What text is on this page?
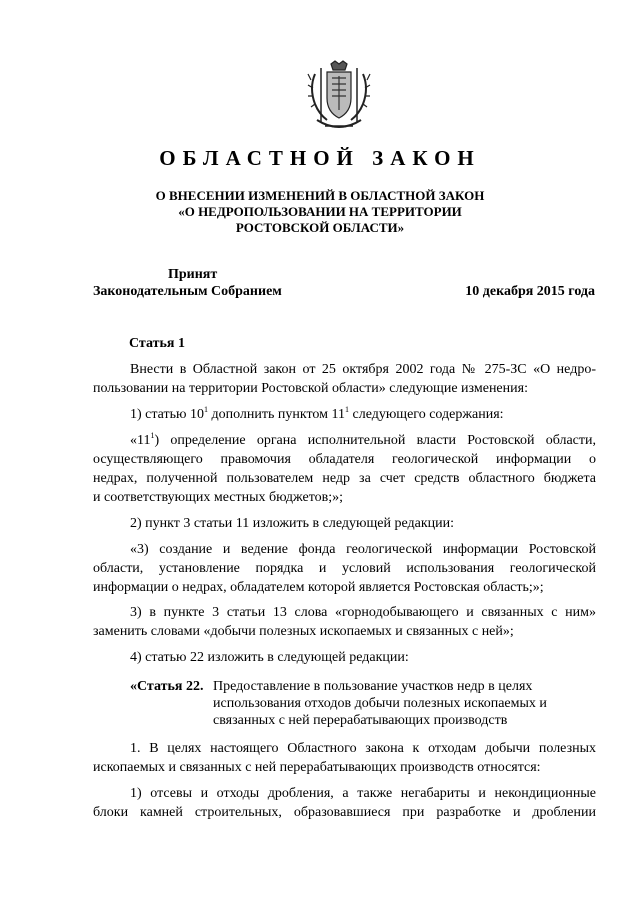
ОБЛАСТНОЙ ЗАКОН
О ВНЕСЕНИИ ИЗМЕНЕНИЙ В ОБЛАСТНОЙ ЗАКОН
«О НЕДРОПОЛЬЗОВАНИИ НА ТЕРРИТОРИИ
РОСТОВСКОЙ ОБЛАСТИ»
Принят
Законодательным Собранием	10 декабря 2015 года
Статья 1
Внести в Областной закон от 25 октября 2002 года № 275-ЗС «О недро-
пользовании на территории Ростовской области» следующие изменения:
1) статью $10^1$ дополнить пунктом $11^1$ следующего содержания:
«$11^1$) определение органа исполнительной власти Ростовской области,
осуществляющего правомочия обладателя геологической информации о
недрах, полученной пользователем недр за счет средств областного бюджета
и соответствующих местных бюджетов;»;
2) пункт 3 статьи 11 изложить в следующей редакции:
«3) создание и ведение фонда геологической информации Ростовской
области, установление порядка и условий использования геологической
информации о недрах, обладателем которой является Ростовская область;»;
3) в пункте 3 статьи 13 слова «горнодобывающего и связанных с ним»
заменить словами «добычи полезных ископаемых и связанных с ней»;
4) статью 22 изложить в следующей редакции:
«Статья 22. Предоставление в пользование участков недр в целях
использования отходов добычи полезных ископаемых и
связанных с ней перерабатывающих производств
1. В целях настоящего Областного закона к отходам добычи полезных
ископаемых и связанных с ней перерабатывающих производств относятся:
1) отсевы и отходы дробления, а также негабариты и некондиционные
блоки камней строительных, образовавшиеся при разработке и дроблении
